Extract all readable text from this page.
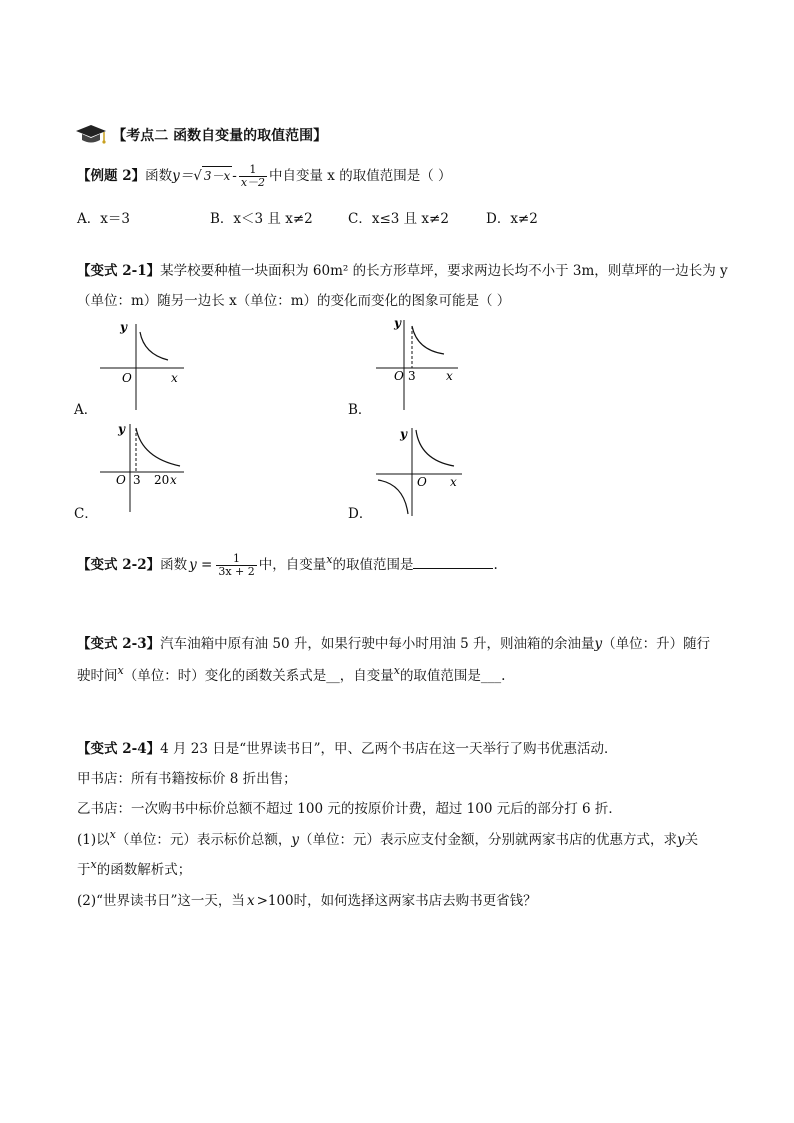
【考点二 函数自变量的取值范围】
【例题 2】函数y＝√ $3-x - \frac{1}{x-2}$ 中自变量 x 的取值范围是（ ）
A．x＝3	B．x＜3 且 x≠2	C．x≤3 且 x≠2	D．x≠2
【变式 2-1】某学校要种植一块面积为 60m² 的长方形草坪，要求两边长均不小于 3m，则草坪的一边长为 y
（单位：m）随另一边长 x（单位：m）的变化而变化的图象可能是（ ）
y
O	x
A．
y
O 3	x
B．
y
O 3 20 x
C．
y
O x
D．
【变式 2-2】函数 $y = \frac{1}{3x + 2}$ 中，自变量$^x$的取值范围是	.
【变式 2-3】汽车油箱中原有油 50 升，如果行驶中每小时用油 5 升，则油箱的余油量y（单位：升）随行
驶时间$^x$（单位：时）变化的函数关系式是__，自变量$^x$的取值范围是___.
【变式 2-4】4 月 23 日是“世界读书日”，甲、乙两个书店在这一天举行了购书优惠活动．
甲书店：所有书籍按标价 8 折出售；
乙书店：一次购书中标价总额不超过 100 元的按原价计费，超过 100 元后的部分打 6 折．
(1)以$^x$（单位：元）表示标价总额，y（单位：元）表示应支付金额，分别就两家书店的优惠方式，求y关
于$^x$的函数解析式；
(2)“世界读书日”这一天，当 x >100时，如何选择这两家书店去购书更省钱？
